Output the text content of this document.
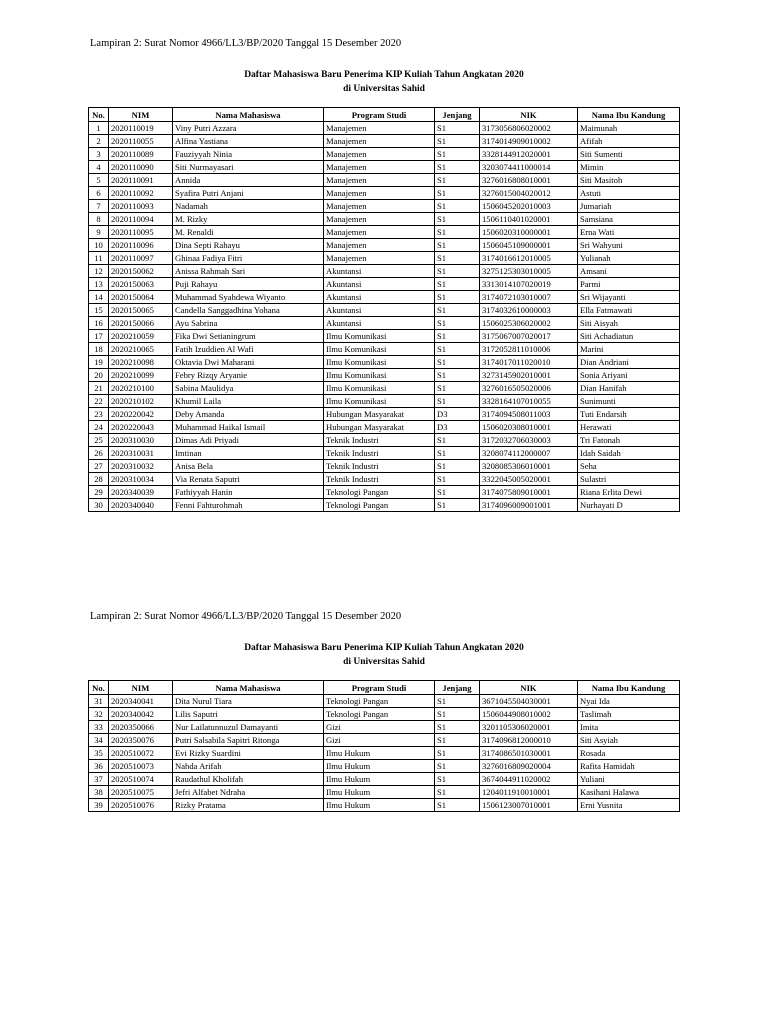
Lampiran 2: Surat Nomor 4966/LL3/BP/2020 Tanggal 15 Desember 2020
Daftar Mahasiswa Baru Penerima KIP Kuliah Tahun Angkatan 2020
di Universitas Sahid
No.	NIM	Nama Mahasiswa	Program Studi	Jenjang	NIK	Nama Ibu Kandung
1	2020110019	Viny Putri Azzara	Manajemen	S1	3173056806020002	Maimunah
2	2020110055	Alfina Yastiana	Manajemen	S1	3174014909010002	Afifah
3	2020110089	Fauziyyah Ninia	Manajemen	S1	3328144912020001	Siti Sumenti
4	2020110090	Siti Nurmayasari	Manajemen	S1	3203074411000014	Mimin
5	2020110091	Annida	Manajemen	S1	3276016808010001	Siti Masitoh
6	2020110092	Syafira Putri Anjani	Manajemen	S1	3276015004020012	Astuti
7	2020110093	Nadamah	Manajemen	S1	1506045202010003	Jumariah
8	2020110094	M. Rizky	Manajemen	S1	1506110401020001	Samsiana
9	2020110095	M. Renaldi	Manajemen	S1	1506020310000001	Erna Wati
10	2020110096	Dina Septi Rahayu	Manajemen	S1	1506045109000001	Sri Wahyuni
11	2020110097	Ghinaa Fadiya Fitri	Manajemen	S1	3174016612010005	Yulianah
12	2020150062	Anissa Rahmah Sari	Akuntansi	S1	3275125303010005	Amsani
13	2020150063	Puji Rahayu	Akuntansi	S1	3313014107020019	Parmi
14	2020150064	Muhammad Syahdewa Wiyanto	Akuntansi	S1	3174072103010007	Sri Wijayanti
15	2020150065	Candella Sanggadhina Yohana	Akuntansi	S1	3174032610000003	Ella Fatmawati
16	2020150066	Ayu Sabrina	Akuntansi	S1	1506025306020002	Siti Aisyah
17	2020210059	Fika Dwi Setianingrum	Ilmu Komunikasi	S1	3175067007020017	Siti Achadiatun
18	2020210065	Fatih Izuddien Al Wafi	Ilmu Komunikasi	S1	3172052811010006	Marini
19	2020210098	Oktavia Dwi Maharani	Ilmu Komunikasi	S1	3174017011020010	Dian Andriani
20	2020210099	Febry Rizqy Aryanie	Ilmu Komunikasi	S1	3273145902010001	Sonia Ariyani
21	2020210100	Sabina Maulidya	Ilmu Komunikasi	S1	3276016505020006	Dian Hanifah
22	2020210102	Khumil Laila	Ilmu Komunikasi	S1	3328164107010055	Sunimunti
23	2020220042	Deby Amanda	Hubungan Masyarakat	D3	3174094508011003	Tuti Endarsih
24	2020220043	Muhammad Haikal Ismail	Hubungan Masyarakat	D3	1506020308010001	Herawati
25	2020310030	Dimas Adi Priyadi	Teknik Industri	S1	3172032706030003	Tri Fatonah
26	2020310031	Imtinan	Teknik Industri	S1	3208074112000007	Idah Saidah
27	2020310032	Anisa Bela	Teknik Industri	S1	3208085306010001	Seha
28	2020310034	Via Renata Saputri	Teknik Industri	S1	3322045005020001	Sulastri
29	2020340039	Fathiyyah Hanin	Teknologi Pangan	S1	3174075809010001	Riana Erlita Dewi
30	2020340040	Fenni Fahturohmah	Teknologi Pangan	S1	3174096009001001	Nurhayati D
Lampiran 2: Surat Nomor 4966/LL3/BP/2020 Tanggal 15 Desember 2020
Daftar Mahasiswa Baru Penerima KIP Kuliah Tahun Angkatan 2020
di Universitas Sahid
No.	NIM	Nama Mahasiswa	Program Studi	Jenjang	NIK	Nama Ibu Kandung
31	2020340041	Dita Nurul Tiara	Teknologi Pangan	S1	3671045504030001	Nyai Ida
32	2020340042	Lilis Saputri	Teknologi Pangan	S1	1506044908010002	Taslimah
33	2020350066	Nur Lailatunnuzul Damayanti	Gizi	S1	3201105306020001	Imita
34	2020350076	Putri Salsabila Sapitri Ritonga	Gizi	S1	3174096812000010	Siti Asyiah
35	2020510072	Evi Rizky Suardini	Ilmu Hukum	S1	3174086501030001	Rosada
36	2020510073	Nahda Arifah	Ilmu Hukum	S1	3276016809020004	Rafita Hamidah
37	2020510074	Raudathul Kholifah	Ilmu Hukum	S1	3674044911020002	Yuliani
38	2020510075	Jefri Alfabet Ndraha	Ilmu Hukum	S1	1204011910010001	Kasihani Halawa
39	2020510076	Rizky Pratama	Ilmu Hukum	S1	1506123007010001	Erni Yusnita
